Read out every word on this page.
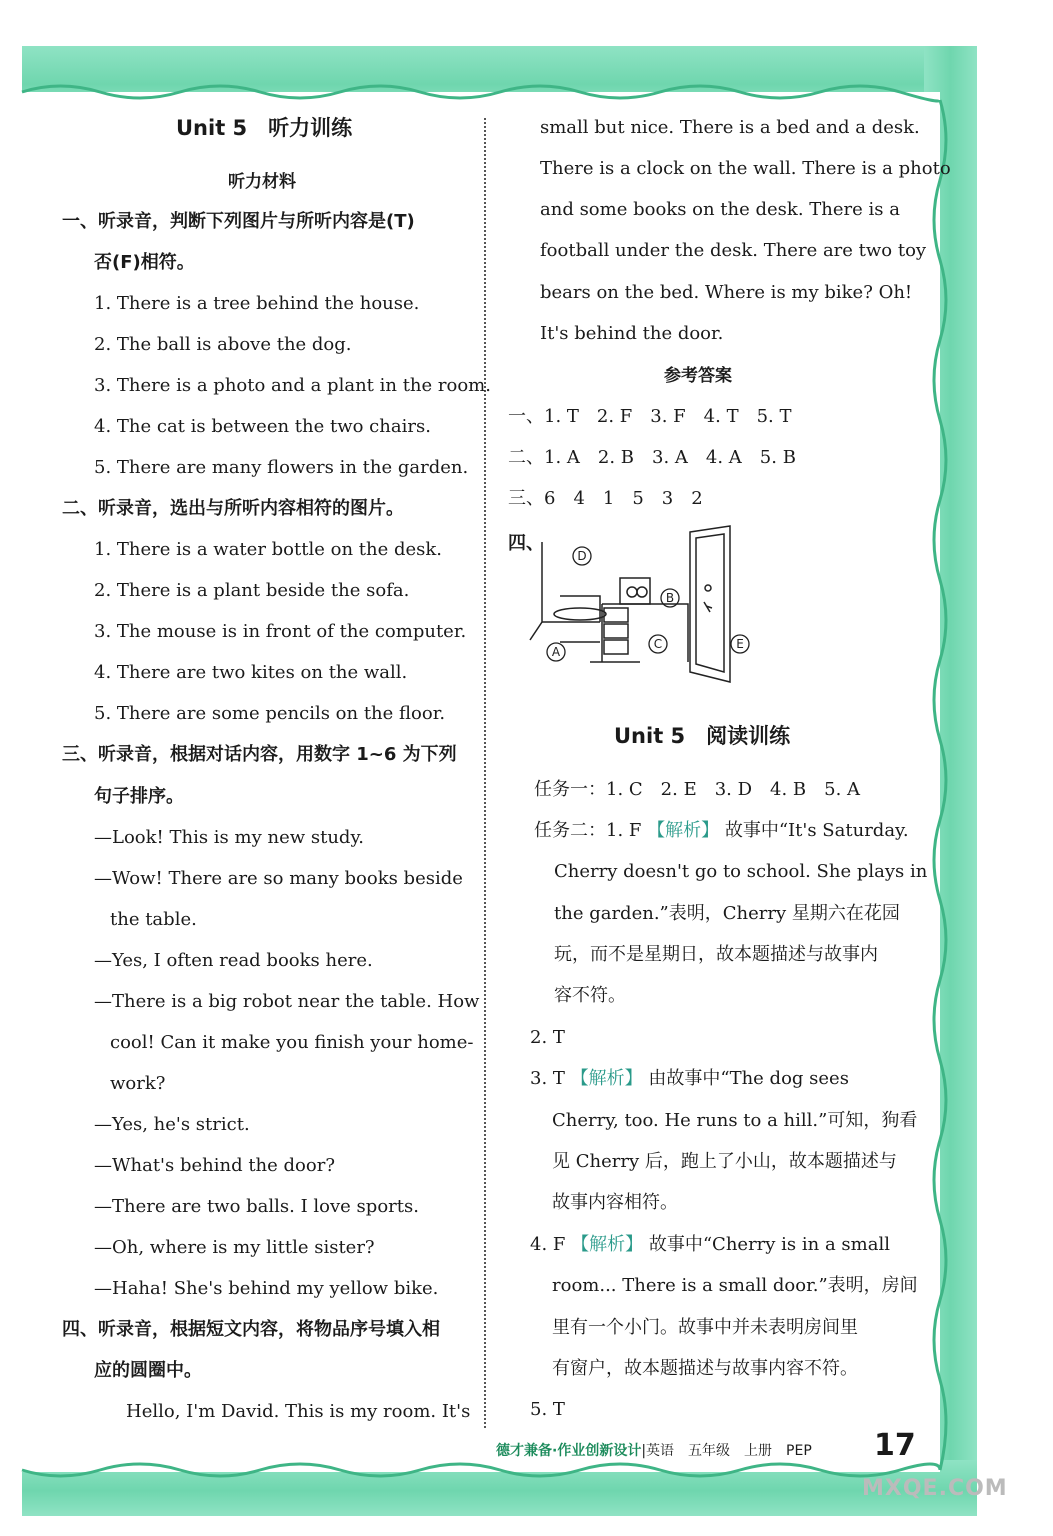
Unit 5　听力训练
听力材料
一、听录音，判断下列图片与所听内容是(T)
否(F)相符。
1. There is a tree behind the house.
2. The ball is above the dog.
3. There is a photo and a plant in the room.
4. The cat is between the two chairs.
5. There are many flowers in the garden.
二、听录音，选出与所听内容相符的图片。
1. There is a water bottle on the desk.
2. There is a plant beside the sofa.
3. The mouse is in front of the computer.
4. There are two kites on the wall.
5. There are some pencils on the floor.
三、听录音，根据对话内容，用数字 1~6 为下列
句子排序。
—Look! This is my new study.
—Wow! There are so many books beside
the table.
—Yes, I often read books here.
—There is a big robot near the table. How
cool! Can it make you finish your home-
work?
—Yes, he's strict.
—What's behind the door?
—There are two balls. I love sports.
—Oh, where is my little sister?
—Haha! She's behind my yellow bike.
四、听录音，根据短文内容，将物品序号填入相
应的圆圈中。
Hello, I'm David. This is my room. It's
small but nice. There is a bed and a desk.
There is a clock on the wall. There is a photo
and some books on the desk. There is a
football under the desk. There are two toy
bears on the bed. Where is my bike? Oh!
It's behind the door.
参考答案
一、1. T　2. F　3. F　4. T　5. T
二、1. A　2. B　3. A　4. A　5. B
三、6　4　1　5　3　2
四、
D
B
C
A
E
Unit 5　阅读训练
任务一：1. C　2. E　3. D　4. B　5. A
任务二：1. F 【解析】 故事中“It's Saturday.
Cherry doesn't go to school. She plays in
the garden.”表明，Cherry 星期六在花园
玩，而不是星期日，故本题描述与故事内
容不符。
2. T
3. T 【解析】 由故事中“The dog sees
Cherry, too. He runs to a hill.”可知，狗看
见 Cherry 后，跑上了小山，故本题描述与
故事内容相符。
4. F 【解析】 故事中“Cherry is in a small
room... There is a small door.”表明，房间
里有一个小门。故事中并未表明房间里
有窗户，故本题描述与故事内容不符。
5. T
德才兼备·作业创新设计|英语　五年级　上册　PEP 17
MXQE.COM
